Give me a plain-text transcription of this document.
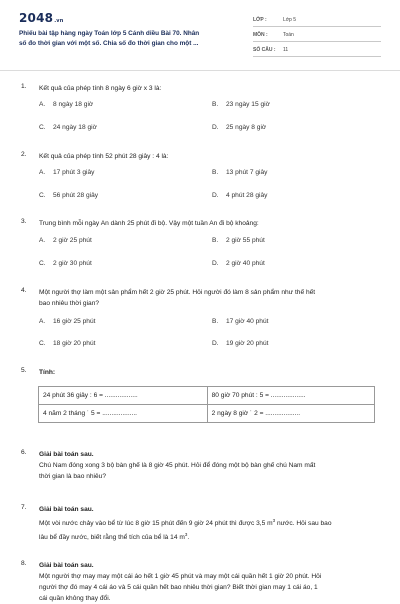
2048.vn
Phiếu bài tập hàng ngày Toán lớp 5 Cánh diều Bài 70. Nhân
số đo thời gian với một số. Chia số đo thời gian cho một ...
LỚP :	Lớp 5
MÔN :	Toán
SỐ CÂU : 11
1. Kết quả của phép tính 8 ngày 6 giờ x 3 là:
A. 8 ngày 18 giờ	B. 23 ngày 15 giờ
C. 24 ngày 18 giờ	D. 25 ngày 8 giờ
2. Kết quả của phép tính 52 phút 28 giây : 4 là:
A. 17 phút 3 giây	B. 13 phút 7 giây
C. 56 phút 28 giây	D. 4 phút 28 giây
3. Trung bình mỗi ngày An dành 25 phút đi bộ. Vậy một tuần An đi bộ khoảng:
A. 2 giờ 25 phút	B. 2 giờ 55 phút
C. 2 giờ 30 phút	D. 2 giờ 40 phút
4. Một người thợ làm một sản phẩm hết 2 giờ 25 phút. Hỏi người đó làm 8 sản phẩm như thế hết
bao nhiêu thời gian?
A. 16 giờ 25 phút	B. 17 giờ 40 phút
C. 18 giờ 20 phút	D. 19 giờ 20 phút
5. Tính:
24 phút 36 giây : 6 = ..................	80 giờ 70 phút : 5 = ...................
4 năm 2 tháng ˙ 5 = ...................	2 ngày 8 giờ ˙ 2 = ...................
6. Giải bài toán sau.
Chú Nam đóng xong 3 bộ bàn ghế là 8 giờ 45 phút. Hỏi để đóng một bộ bàn ghế chú Nam mất
thời gian là bao nhiêu?
7. Giải bài toán sau.
Một vòi nước chảy vào bể từ lúc 8 giờ 15 phút đến 9 giờ 24 phút thì được 3,5 $m^3$ nước. Hỏi sau bao
lâu bể đầy nước, biết rằng thể tích của bể là 14 $m^3$.
8. Giải bài toán sau.
Một người thợ may may một cái áo hết 1 giờ 45 phút và may một cái quần hết 1 giờ 20 phút. Hỏi
người thợ đó may 4 cái áo và 5 cái quần hết bao nhiêu thời gian? Biết thời gian may 1 cái áo, 1
cái quần không thay đổi.
